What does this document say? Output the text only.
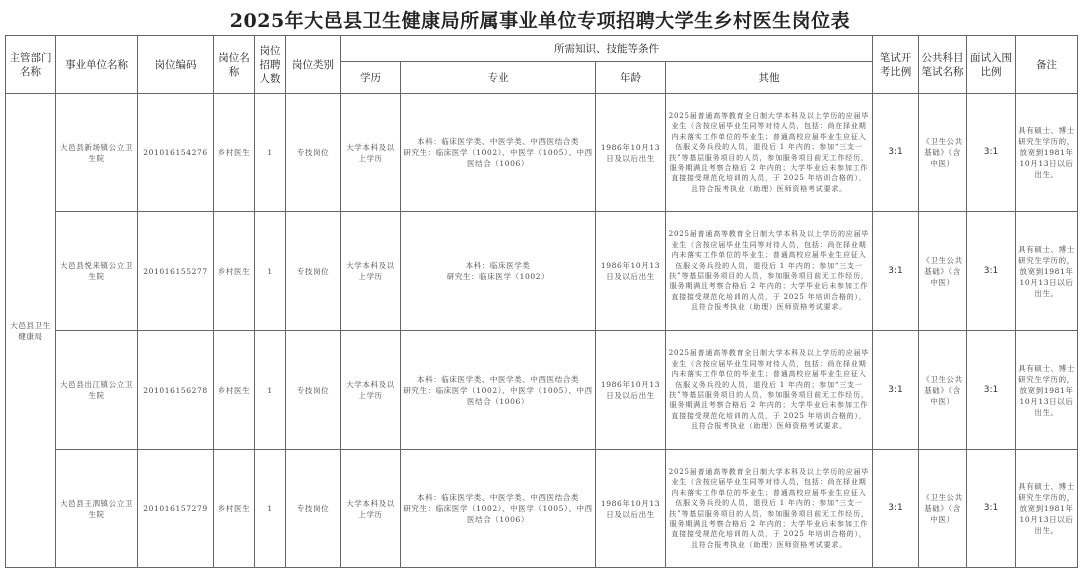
2025年大邑县卫生健康局所属事业单位专项招聘大学生乡村医生岗位表
主管部门名称	事业单位名称	岗位编码	岗位名称	岗位招聘人数	岗位类别	所需知识、技能等条件				笔试开考比例	公共科目笔试名称	面试入围比例	备注
						学历	专业	年龄	其他				
大邑县卫生健康局	大邑县新场镇公立卫生院	201016154276	乡村医生	1	专技岗位	大学本科及以上学历	本科：临床医学类、中医学类、中西医结合类
研究生：临床医学（1002）、中医学（1005）、中西医结合（1006）	1986年10月13日及以后出生	2025届普通高等教育全日制大学本科及以上学历的应届毕业生（含按应届毕业生同等对待人员，包括：尚在择业期内未落实工作单位的毕业生；普通高校应届毕业生应征入伍服义务兵役的人员，退役后 1 年内的；参加“三支一扶”等基层服务项目的人员，参加服务项目前无工作经历，服务期满且考察合格后 2 年内的；大学毕业后未参加工作直接接受规范化培训的人员，于 2025 年培训合格的），且符合报考执业（助理）医师资格考试要求。	3:1	《卫生公共基础》（含中医）	3:1	具有硕士、博士研究生学历的，放宽到1981年10月13日以后出生。
	大邑县悦来镇公立卫生院	201016155277	乡村医生	1	专技岗位	大学本科及以上学历	本科：临床医学类
研究生：临床医学（1002）	1986年10月13日及以后出生	2025届普通高等教育全日制大学本科及以上学历的应届毕业生（含按应届毕业生同等对待人员，包括：尚在择业期内未落实工作单位的毕业生；普通高校应届毕业生应征入伍服义务兵役的人员，退役后 1 年内的；参加“三支一扶”等基层服务项目的人员，参加服务项目前无工作经历，服务期满且考察合格后 2 年内的；大学毕业后未参加工作直接接受规范化培训的人员，于 2025 年培训合格的），且符合报考执业（助理）医师资格考试要求。	3:1	《卫生公共基础》（含中医）	3:1	具有硕士、博士研究生学历的，放宽到1981年10月13日以后出生。
	大邑县出江镇公立卫生院	201016156278	乡村医生	1	专技岗位	大学本科及以上学历	本科：临床医学类、中医学类、中西医结合类
研究生：临床医学（1002）、中医学（1005）、中西医结合（1006）	1986年10月13日及以后出生	2025届普通高等教育全日制大学本科及以上学历的应届毕业生（含按应届毕业生同等对待人员，包括：尚在择业期内未落实工作单位的毕业生；普通高校应届毕业生应征入伍服义务兵役的人员，退役后 1 年内的；参加“三支一扶”等基层服务项目的人员，参加服务项目前无工作经历，服务期满且考察合格后 2 年内的；大学毕业后未参加工作直接接受规范化培训的人员，于 2025 年培训合格的），且符合报考执业（助理）医师资格考试要求。	3:1	《卫生公共基础》（含中医）	3:1	具有硕士、博士研究生学历的，放宽到1981年10月13日以后出生。
	大邑县王泗镇公立卫生院	201016157279	乡村医生	1	专技岗位	大学本科及以上学历	本科：临床医学类、中医学类、中西医结合类
研究生：临床医学（1002）、中医学（1005）、中西医结合（1006）	1986年10月13日及以后出生	2025届普通高等教育全日制大学本科及以上学历的应届毕业生（含按应届毕业生同等对待人员，包括：尚在择业期内未落实工作单位的毕业生；普通高校应届毕业生应征入伍服义务兵役的人员，退役后 1 年内的；参加“三支一扶”等基层服务项目的人员，参加服务项目前无工作经历，服务期满且考察合格后 2 年内的；大学毕业后未参加工作直接接受规范化培训的人员，于 2025 年培训合格的），且符合报考执业（助理）医师资格考试要求。	3:1	《卫生公共基础》（含中医）	3:1	具有硕士、博士研究生学历的，放宽到1981年10月13日以后出生。
